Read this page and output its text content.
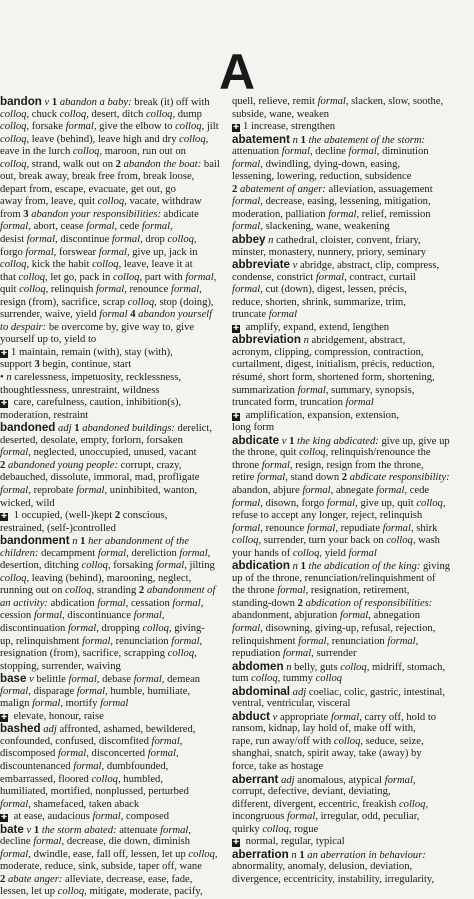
A
bandon v 1 abandon a baby: break (it) off with
colloq, chuck colloq, desert, ditch colloq, dump
colloq, forsake formal, give the elbow to colloq, jilt
colloq, leave (behind), leave high and dry colloq,
eave in the lurch colloq, maroon, run out on
colloq, strand, walk out on 2 abandon the boat: bail
out, break away, break free from, break loose,
depart from, escape, evacuate, get out, go
away from, leave, quit colloq, vacate, withdraw
from 3 abandon your responsibilities: abdicate
formal, abort, cease formal, cede formal,
desist formal, discontinue formal, drop colloq,
forgo formal, forswear formal, give up, jack in
colloq, kick the habit colloq, leave, leave it at
that colloq, let go, pack in colloq, part with formal,
quit colloq, relinquish formal, renounce formal,
resign (from), sacrifice, scrap colloq, stop (doing),
surrender, waive, yield formal 4 abandon yourself
to despair: be overcome by, give way to, give
yourself up to, yield to
✚ 1 maintain, remain (with), stay (with),
support 3 begin, continue, start
• n carelessness, impetuosity, recklessness,
thoughtlessness, unrestraint, wildness
✚ care, carefulness, caution, inhibition(s),
moderation, restraint
bandoned adj 1 abandoned buildings: derelict,
deserted, desolate, empty, forlorn, forsaken
formal, neglected, unoccupied, unused, vacant
2 abandoned young people: corrupt, crazy,
debauched, dissolute, immoral, mad, profligate
formal, reprobate formal, uninhibited, wanton,
wicked, wild
✚ 1 occupied, (well-)kept 2 conscious,
restrained, (self-)controlled
bandonment n 1 her abandonment of the
children: decampment formal, dereliction formal,
desertion, ditching colloq, forsaking formal, jilting
colloq, leaving (behind), marooning, neglect,
running out on colloq, stranding 2 abandonment of
an activity: abdication formal, cessation formal,
cession formal, discontinuance formal,
discontinuation formal, dropping colloq, giving-
up, relinquishment formal, renunciation formal,
resignation (from), sacrifice, scrapping colloq,
stopping, surrender, waiving
base v belittle formal, debase formal, demean
formal, disparage formal, humble, humiliate,
malign formal, mortify formal
✚ elevate, honour, raise
bashed adj affronted, ashamed, bewildered,
confounded, confused, discomfited formal,
discomposed formal, disconcerted formal,
discountenanced formal, dumbfounded,
embarrassed, floored colloq, humbled,
humiliated, mortified, nonplussed, perturbed
formal, shamefaced, taken aback
✚ at ease, audacious formal, composed
bate v 1 the storm abated: attenuate formal,
decline formal, decrease, die down, diminish
formal, dwindle, ease, fall off, lessen, let up colloq,
moderate, reduce, sink, subside, taper off, wane
2 abate anger: alleviate, decrease, ease, fade,
lessen, let up colloq, mitigate, moderate, pacify,
quell, relieve, remit formal, slacken, slow, soothe,
subside, wane, weaken
✚ 1 increase, strengthen
abatement n 1 the abatement of the storm:
attenuation formal, decline formal, diminution
formal, dwindling, dying-down, easing,
lessening, lowering, reduction, subsidence
2 abatement of anger: alleviation, assuagement
formal, decrease, easing, lessening, mitigation,
moderation, palliation formal, relief, remission
formal, slackening, wane, weakening
abbey n cathedral, cloister, convent, friary,
minster, monastery, nunnery, priory, seminary
abbreviate v abridge, abstract, clip, compress,
condense, constrict formal, contract, curtail
formal, cut (down), digest, lessen, précis,
reduce, shorten, shrink, summarize, trim,
truncate formal
✚ amplify, expand, extend, lengthen
abbreviation n abridgement, abstract,
acronym, clipping, compression, contraction,
curtailment, digest, initialism, précis, reduction,
résumé, short form, shortened form, shortening,
summarization formal, summary, synopsis,
truncated form, truncation formal
✚ amplification, expansion, extension,
long form
abdicate v 1 the king abdicated: give up, give up
the throne, quit colloq, relinquish/renounce the
throne formal, resign, resign from the throne,
retire formal, stand down 2 abdicate responsibility:
abandon, abjure formal, abnegate formal, cede
formal, disown, forgo formal, give up, quit colloq,
refuse to accept any longer, reject, relinquish
formal, renounce formal, repudiate formal, shirk
colloq, surrender, turn your back on colloq, wash
your hands of colloq, yield formal
abdication n 1 the abdication of the king: giving
up of the throne, renunciation/relinquishment of
the throne formal, resignation, retirement,
standing-down 2 abdication of responsibilities:
abandonment, abjuration formal, abnegation
formal, disowning, giving-up, refusal, rejection,
relinquishment formal, renunciation formal,
repudiation formal, surrender
abdomen n belly, guts colloq, midriff, stomach,
tum colloq, tummy colloq
abdominal adj coeliac, colic, gastric, intestinal,
ventral, ventricular, visceral
abduct v appropriate formal, carry off, hold to
ransom, kidnap, lay hold of, make off with,
rape, run away/off with colloq, seduce, seize,
shanghai, snatch, spirit away, take (away) by
force, take as hostage
aberrant adj anomalous, atypical formal,
corrupt, defective, deviant, deviating,
different, divergent, eccentric, freakish colloq,
incongruous formal, irregular, odd, peculiar,
quirky colloq, rogue
✚ normal, regular, typical
aberration n 1 an aberration in behaviour:
abnormality, anomaly, delusion, deviation,
divergence, eccentricity, instability, irregularity,
